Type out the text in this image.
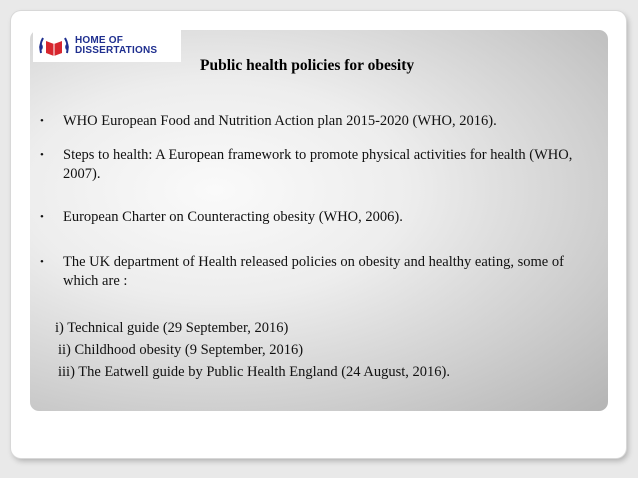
HOME OF
DISSERTATIONS
Public health policies for obesity
• WHO European Food and Nutrition Action plan 2015-2020 (WHO, 2016).
• Steps to health: A European framework to promote physical activities for health (WHO, 2007).
• European Charter on Counteracting obesity (WHO, 2006).
• The UK department of Health released policies on obesity and healthy eating, some of which are :
i) Technical guide (29 September, 2016)
ii) Childhood obesity (9 September, 2016)
iii) The Eatwell guide by Public Health England (24 August, 2016).
